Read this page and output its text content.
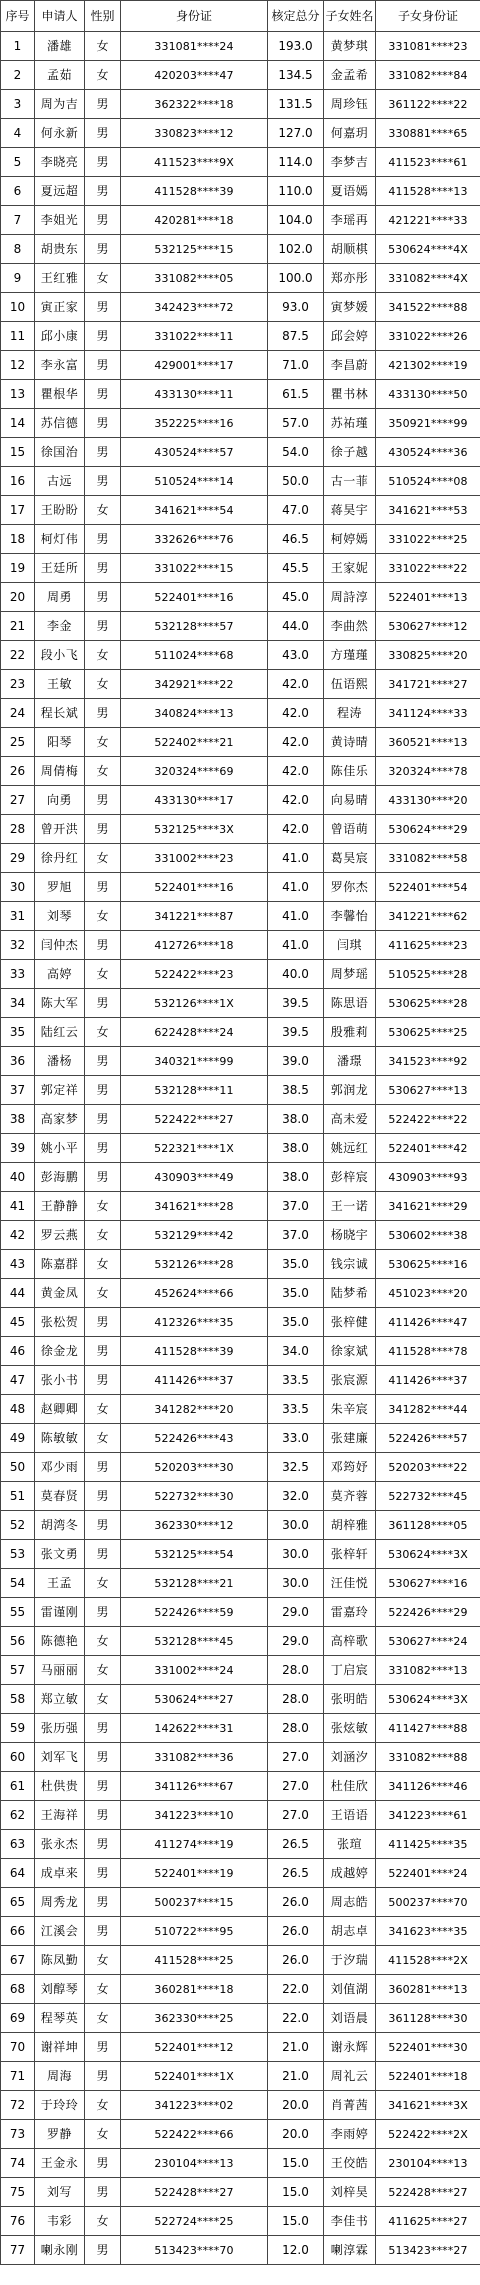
序号	申请人	性别	身份证	核定总分	子女姓名	子女身份证
1	潘雄	女	331081****24	193.0	黄梦琪	331081****23
2	孟茹	女	420203****47	134.5	金孟希	331082****84
3	周为吉	男	362322****18	131.5	周珍钰	361122****22
4	何永新	男	330823****12	127.0	何嘉玥	330881****65
5	李晓亮	男	411523****9X	114.0	李梦吉	411523****61
6	夏远超	男	411528****39	110.0	夏语嫣	411528****13
7	李姐光	男	420281****18	104.0	李瑶再	421221****33
8	胡贵东	男	532125****15	102.0	胡顺棋	530624****4X
9	王红雅	女	331082****05	100.0	郑亦彤	331082****4X
10	寅正家	男	342423****72	93.0	寅梦媛	341522****88
11	邱小康	男	331022****11	87.5	邱会婷	331022****26
12	李永富	男	429001****17	71.0	李昌蔚	421302****19
13	瞿根华	男	433130****11	61.5	瞿书林	433130****50
14	苏信德	男	352225****16	57.0	苏祐瑾	350921****99
15	徐国治	男	430524****57	54.0	徐子越	430524****36
16	古远	男	510524****14	50.0	古一菲	510524****08
17	王盼盼	女	341621****54	47.0	蒋昊宇	341621****53
18	柯灯伟	男	332626****76	46.5	柯婷嫣	331022****25
19	王廷所	男	331022****15	45.5	王家妮	331022****22
20	周勇	男	522401****16	45.0	周詩淳	522401****13
21	李金	男	532128****57	44.0	李曲然	530627****12
22	段小飞	女	511024****68	43.0	方瑾瑾	330825****20
23	王敏	女	342921****22	42.0	伍语熙	341721****27
24	程长斌	男	340824****13	42.0	程涛	341124****33
25	阳琴	女	522402****21	42.0	黄诗晴	360521****13
26	周倩梅	女	320324****69	42.0	陈佳乐	320324****78
27	向勇	男	433130****17	42.0	向易晴	433130****20
28	曾开洪	男	532125****3X	42.0	曾语萌	530624****29
29	徐丹红	女	331002****23	41.0	葛昊宸	331082****58
30	罗旭	男	522401****16	41.0	罗你杰	522401****54
31	刘琴	女	341221****87	41.0	李馨怡	341221****62
32	闫仲杰	男	412726****18	41.0	闫琪	411625****23
33	高婷	女	522422****23	40.0	周梦瑶	510525****28
34	陈大军	男	532126****1X	39.5	陈思语	530625****28
35	陆红云	女	622428****24	39.5	殷雅莉	530625****25
36	潘杨	男	340321****99	39.0	潘璟	341523****92
37	郭定祥	男	532128****11	38.5	郭润龙	530627****13
38	高家梦	男	522422****27	38.0	高未爱	522422****22
39	姚小平	男	522321****1X	38.0	姚远红	522401****42
40	彭海鹏	男	430903****49	38.0	彭梓宸	430903****93
41	王静静	女	341621****28	37.0	王一诺	341621****29
42	罗云燕	女	532129****42	37.0	杨晓宇	530602****38
43	陈嘉群	女	532126****28	35.0	钱宗诚	530625****16
44	黄金凤	女	452624****66	35.0	陆梦希	451023****20
45	张松贺	男	412326****35	35.0	张梓健	411426****47
46	徐金龙	男	411528****39	34.0	徐家斌	411528****78
47	张小书	男	411426****37	33.5	张宸源	411426****37
48	赵卿卿	女	341282****20	33.5	朱辛宸	341282****44
49	陈敏敏	女	522426****43	33.0	张建廉	522426****57
50	邓少雨	男	520203****30	32.5	邓筠妤	520203****22
51	莫春贤	男	522732****30	32.0	莫齐蓉	522732****45
52	胡湾冬	男	362330****12	30.0	胡梓雅	361128****05
53	张文勇	男	532125****54	30.0	张梓轩	530624****3X
54	王孟	女	532128****21	30.0	汪佳悦	530627****16
55	雷谨刚	男	522426****59	29.0	雷嘉玲	522426****29
56	陈德艳	女	532128****45	29.0	高梓歌	530627****24
57	马丽丽	女	331002****24	28.0	丁启宸	331082****13
58	郑立敏	女	530624****27	28.0	张明皓	530624****3X
59	张历强	男	142622****31	28.0	张炫敏	411427****88
60	刘军飞	男	331082****36	27.0	刘涵汐	331082****88
61	杜供贵	男	341126****67	27.0	杜佳欣	341126****46
62	王海祥	男	341223****10	27.0	王语语	341223****61
63	张永杰	男	411274****19	26.5	张瑄	411425****35
64	成卓来	男	522401****19	26.5	成越婷	522401****24
65	周秀龙	男	500237****15	26.0	周志皓	500237****70
66	江溪会	男	510722****95	26.0	胡志卓	341623****35
67	陈凤勤	女	411528****25	26.0	于汐瑞	411528****2X
68	刘醇琴	女	360281****18	22.0	刘值湖	360281****13
69	程琴英	女	362330****25	22.0	刘语晨	361128****30
70	谢祥坤	男	522401****12	21.0	谢永辉	522401****30
71	周海	男	522401****1X	21.0	周礼云	522401****18
72	于玲玲	女	341223****02	20.0	肖菁茜	341621****3X
73	罗静	女	522422****66	20.0	李雨婷	522422****2X
74	王金永	男	230104****13	15.0	王佼皓	230104****13
75	刘写	男	522428****27	15.0	刘梓昊	522428****27
76	韦彩	女	522724****25	15.0	李佳书	411625****27
77	喇永刚	男	513423****70	12.0	喇淳霖	513423****27
